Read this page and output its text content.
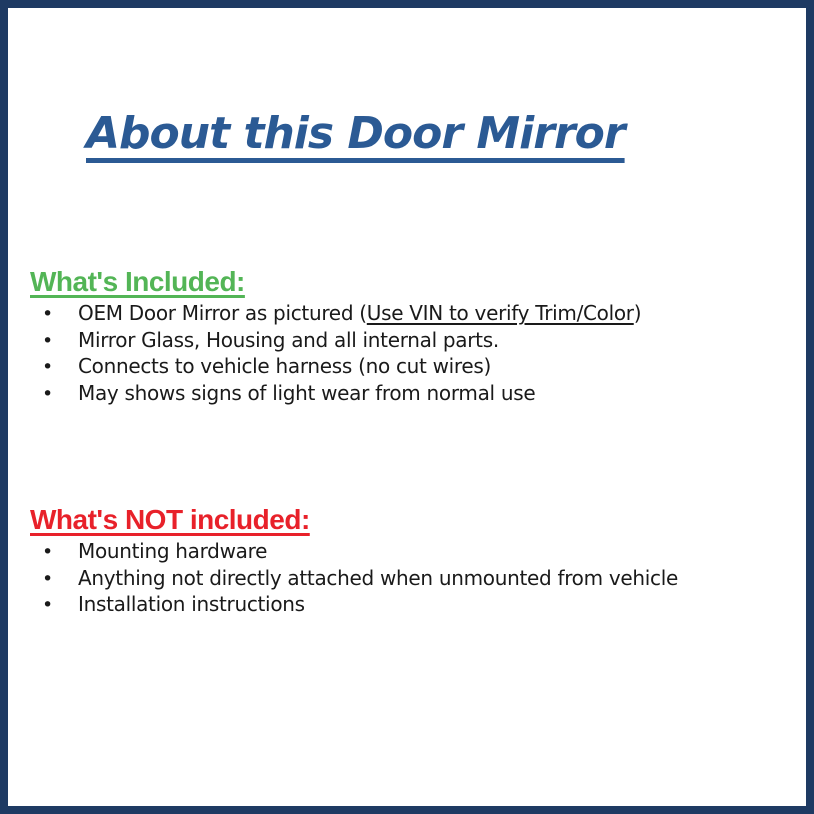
About this Door Mirror
What's Included:
•	OEM Door Mirror as pictured (Use VIN to verify Trim/Color)
•	Mirror Glass, Housing and all internal parts.
•	Connects to vehicle harness (no cut wires)
•	May shows signs of light wear from normal use
What's NOT included:
•	Mounting hardware
•	Anything not directly attached when unmounted from vehicle
•	Installation instructions
